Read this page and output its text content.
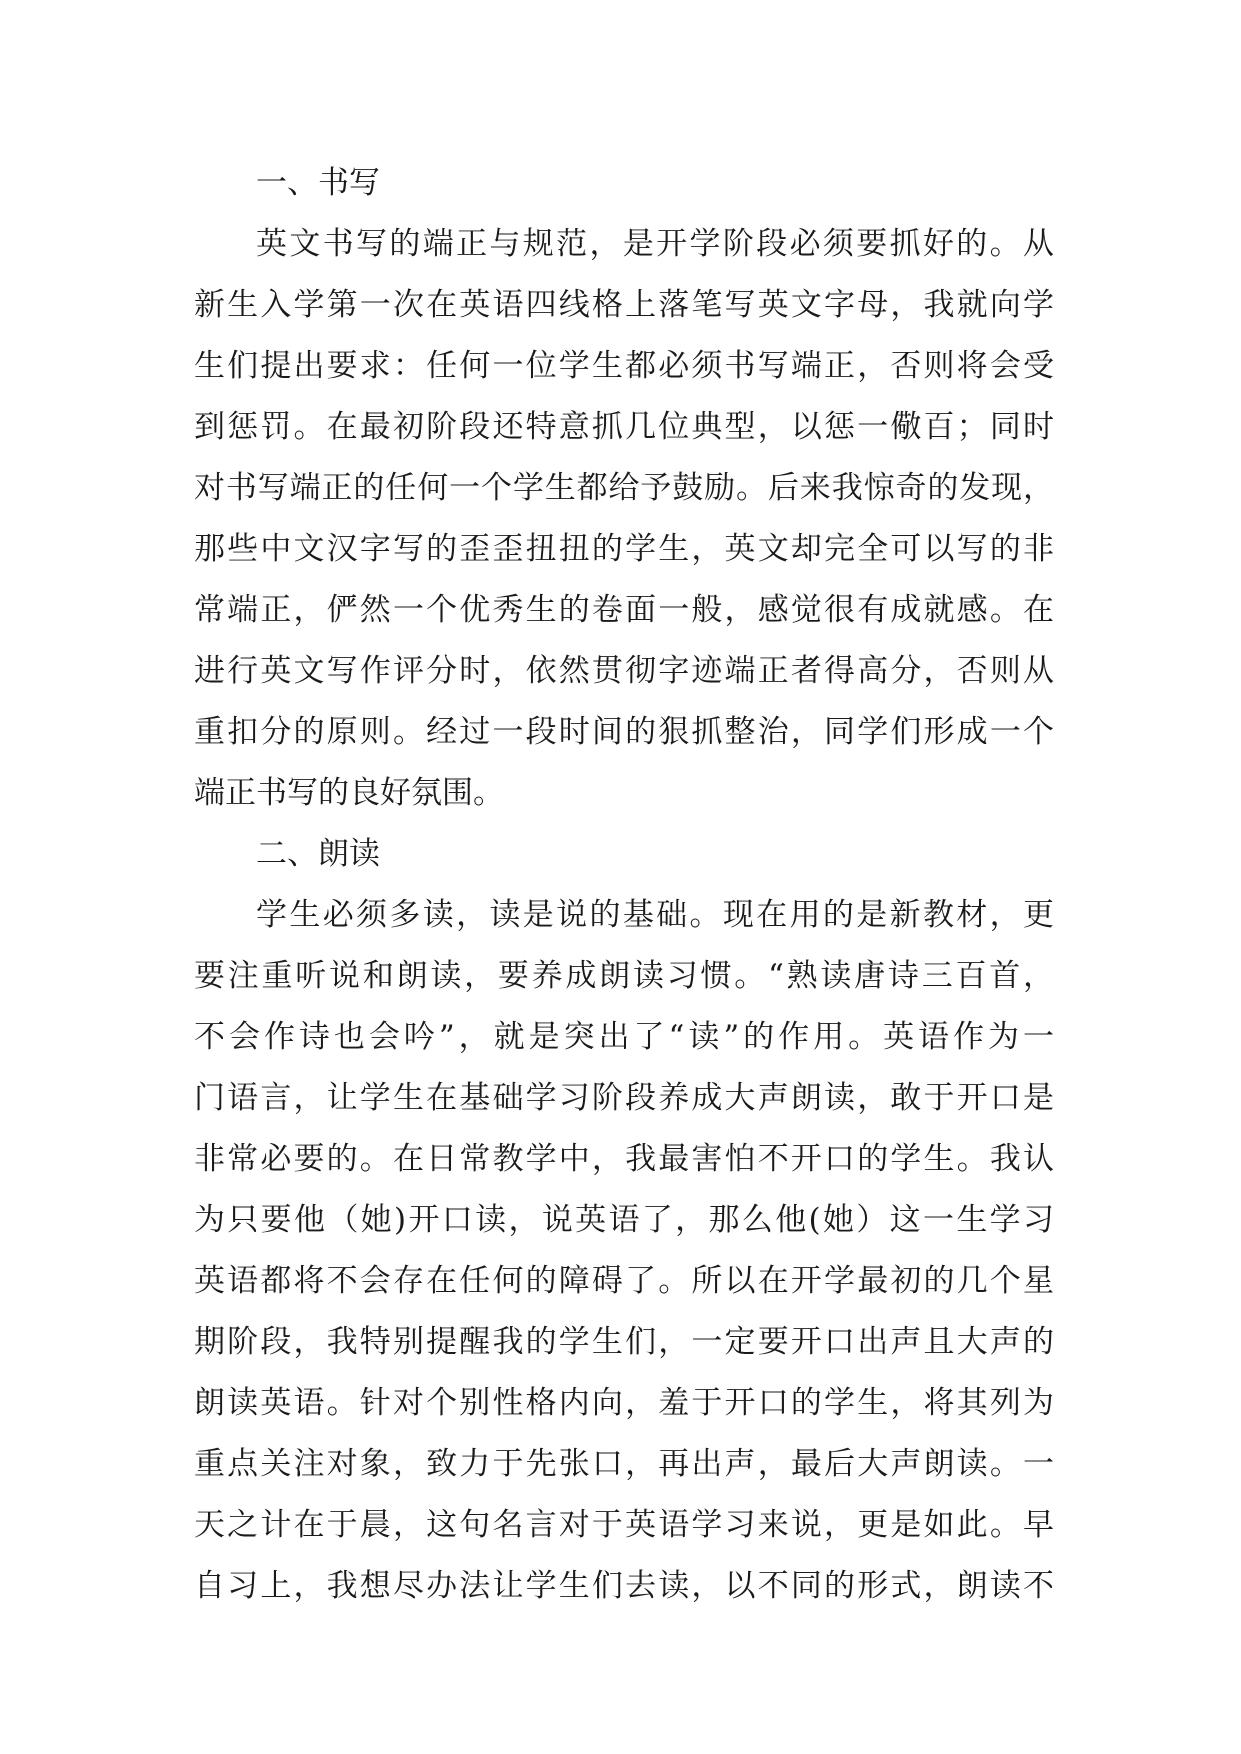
一、书写
英文书写的端正与规范，是开学阶段必须要抓好的。从
新生入学第一次在英语四线格上落笔写英文字母，我就向学
生们提出要求：任何一位学生都必须书写端正，否则将会受
到惩罚。在最初阶段还特意抓几位典型，以惩一儆百；同时
对书写端正的任何一个学生都给予鼓励。后来我惊奇的发现，
那些中文汉字写的歪歪扭扭的学生，英文却完全可以写的非
常端正，俨然一个优秀生的卷面一般，感觉很有成就感。在
进行英文写作评分时，依然贯彻字迹端正者得高分，否则从
重扣分的原则。经过一段时间的狠抓整治，同学们形成一个
端正书写的良好氛围。
二、朗读
学生必须多读，读是说的基础。现在用的是新教材，更
要注重听说和朗读，要养成朗读习惯。“熟读唐诗三百首，
不会作诗也会吟”，就是突出了“读”的作用。英语作为一
门语言，让学生在基础学习阶段养成大声朗读，敢于开口是
非常必要的。在日常教学中，我最害怕不开口的学生。我认
为只要他（她)开口读，说英语了，那么他(她）这一生学习
英语都将不会存在任何的障碍了。所以在开学最初的几个星
期阶段，我特别提醒我的学生们，一定要开口出声且大声的
朗读英语。针对个别性格内向，羞于开口的学生，将其列为
重点关注对象，致力于先张口，再出声，最后大声朗读。一
天之计在于晨，这句名言对于英语学习来说，更是如此。早
自习上，我想尽办法让学生们去读，以不同的形式，朗读不
